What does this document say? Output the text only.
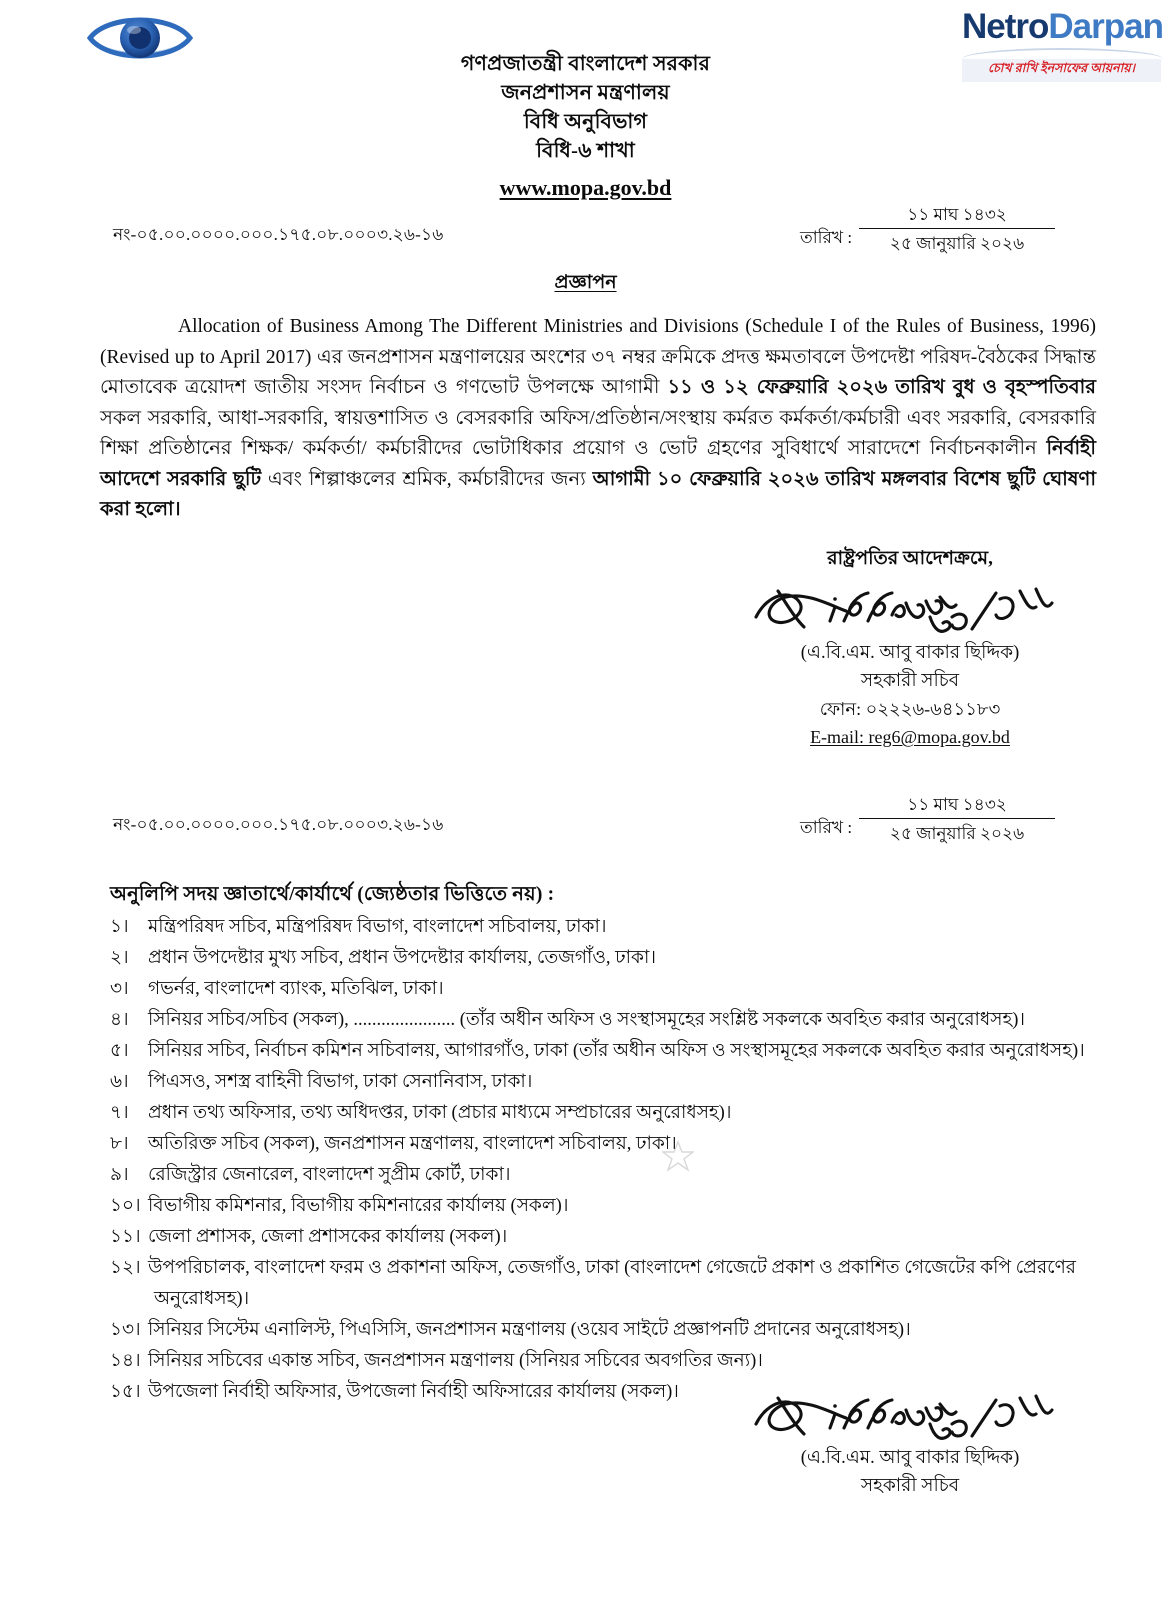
NetroDarpan
চোখ রাখি ইনসাফের আয়নায়।
গণপ্রজাতন্ত্রী বাংলাদেশ সরকার
জনপ্রশাসন মন্ত্রণালয়
বিধি অনুবিভাগ
বিধি-৬ শাখা
www.mopa.gov.bd
নং-০৫.০০.০০০০.০০০.১৭৫.০৮.০০০৩.২৬-১৬	তারিখ :
১১ মাঘ ১৪৩২
২৫ জানুয়ারি ২০২৬
প্রজ্ঞাপন
Allocation of Business Among The Different Ministries and Divisions (Schedule I of the Rules of Business, 1996) (Revised up to April 2017) এর জনপ্রশাসন মন্ত্রণালয়ের অংশের ৩৭ নম্বর ক্রমিকে প্রদত্ত ক্ষমতাবলে উপদেষ্টা পরিষদ-বৈঠকের সিদ্ধান্ত মোতাবেক ত্রয়োদশ জাতীয় সংসদ নির্বাচন ও গণভোট উপলক্ষে আগামী ১১ ও ১২ ফেব্রুয়ারি ২০২৬ তারিখ বুধ ও বৃহস্পতিবার সকল সরকারি, আধা-সরকারি, স্বায়ত্তশাসিত ও বেসরকারি অফিস/প্রতিষ্ঠান/সংস্থায় কর্মরত কর্মকর্তা/কর্মচারী এবং সরকারি, বেসরকারি শিক্ষা প্রতিষ্ঠানের শিক্ষক/ কর্মকর্তা/ কর্মচারীদের ভোটাধিকার প্রয়োগ ও ভোট গ্রহণের সুবিধার্থে সারাদেশে নির্বাচনকালীন নির্বাহী আদেশে সরকারি ছুটি এবং শিল্পাঞ্চলের শ্রমিক, কর্মচারীদের জন্য আগামী ১০ ফেব্রুয়ারি ২০২৬ তারিখ মঙ্গলবার বিশেষ ছুটি ঘোষণা করা হলো।
রাষ্ট্রপতির আদেশক্রমে,
(এ.বি.এম. আবু বাকার ছিদ্দিক)
সহকারী সচিব
ফোন: ০২২২৬-৬৪১১৮৩
E-mail: reg6@mopa.gov.bd
নং-০৫.০০.০০০০.০০০.১৭৫.০৮.০০০৩.২৬-১৬	তারিখ :
১১ মাঘ ১৪৩২
২৫ জানুয়ারি ২০২৬
অনুলিপি সদয় জ্ঞাতার্থে/কার্যার্থে (জ্যেষ্ঠতার ভিত্তিতে নয়) :
১।	মন্ত্রিপরিষদ সচিব, মন্ত্রিপরিষদ বিভাগ, বাংলাদেশ সচিবালয়, ঢাকা।
২।	প্রধান উপদেষ্টার মুখ্য সচিব, প্রধান উপদেষ্টার কার্যালয়, তেজগাঁও, ঢাকা।
৩।	গভর্নর, বাংলাদেশ ব্যাংক, মতিঝিল, ঢাকা।
৪।	সিনিয়র সচিব/সচিব (সকল), ...................... (তাঁর অধীন অফিস ও সংস্থাসমূহের সংশ্লিষ্ট সকলকে অবহিত করার অনুরোধসহ)।
৫।	সিনিয়র সচিব, নির্বাচন কমিশন সচিবালয়, আগারগাঁও, ঢাকা (তাঁর অধীন অফিস ও সংস্থাসমূহের সকলকে অবহিত করার অনুরোধসহ)।
৬।	পিএসও, সশস্ত্র বাহিনী বিভাগ, ঢাকা সেনানিবাস, ঢাকা।
৭।	প্রধান তথ্য অফিসার, তথ্য অধিদপ্তর, ঢাকা (প্রচার মাধ্যমে সম্প্রচারের অনুরোধসহ)।
৮।	অতিরিক্ত সচিব (সকল), জনপ্রশাসন মন্ত্রণালয়, বাংলাদেশ সচিবালয়, ঢাকা।
৯।	রেজিস্ট্রার জেনারেল, বাংলাদেশ সুপ্রীম কোর্ট, ঢাকা।
১০। বিভাগীয় কমিশনার, বিভাগীয় কমিশনারের কার্যালয় (সকল)।
১১। জেলা প্রশাসক, জেলা প্রশাসকের কার্যালয় (সকল)।
১২। উপপরিচালক, বাংলাদেশ ফরম ও প্রকাশনা অফিস, তেজগাঁও, ঢাকা (বাংলাদেশ গেজেটে প্রকাশ ও প্রকাশিত গেজেটের কপি প্রেরণের
অনুরোধসহ)।
১৩। সিনিয়র সিস্টেম এনালিস্ট, পিএসিসি, জনপ্রশাসন মন্ত্রণালয় (ওয়েব সাইটে প্রজ্ঞাপনটি প্রদানের অনুরোধসহ)।
১৪। সিনিয়র সচিবের একান্ত সচিব, জনপ্রশাসন মন্ত্রণালয় (সিনিয়র সচিবের অবগতির জন্য)।
১৫। উপজেলা নির্বাহী অফিসার, উপজেলা নির্বাহী অফিসারের কার্যালয় (সকল)।
(এ.বি.এম. আবু বাকার ছিদ্দিক)
সহকারী সচিব
